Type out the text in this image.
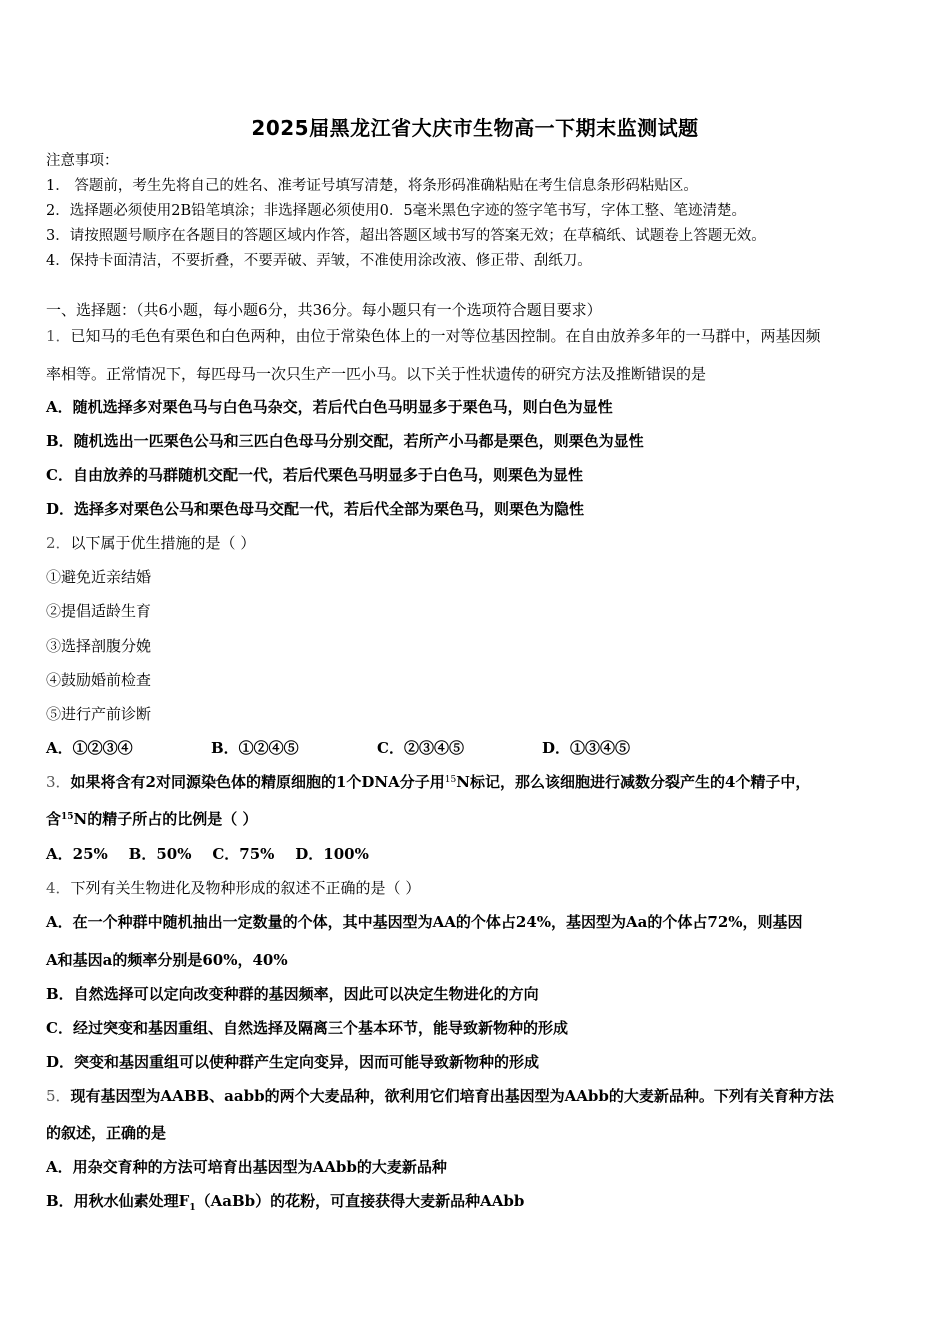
2025届黑龙江省大庆市生物高一下期末监测试题
注意事项：
1． 答题前，考生先将自己的姓名、准考证号填写清楚，将条形码准确粘贴在考生信息条形码粘贴区。
2．选择题必须使用2B铅笔填涂；非选择题必须使用0．5毫米黑色字迹的签字笔书写，字体工整、笔迹清楚。
3．请按照题号顺序在各题目的答题区域内作答，超出答题区域书写的答案无效；在草稿纸、试题卷上答题无效。
4．保持卡面清洁，不要折叠，不要弄破、弄皱，不准使用涂改液、修正带、刮纸刀。
一、选择题：（共6小题，每小题6分，共36分。每小题只有一个选项符合题目要求）
1．已知马的毛色有栗色和白色两种，由位于常染色体上的一对等位基因控制。在自由放养多年的一马群中，两基因频
率相等。正常情况下，每匹母马一次只生产一匹小马。以下关于性状遗传的研究方法及推断错误的是
A．随机选择多对栗色马与白色马杂交，若后代白色马明显多于栗色马，则白色为显性
B．随机选出一匹栗色公马和三匹白色母马分别交配，若所产小马都是栗色，则栗色为显性
C．自由放养的马群随机交配一代，若后代栗色马明显多于白色马，则栗色为显性
D．选择多对栗色公马和栗色母马交配一代，若后代全部为栗色马，则栗色为隐性
2．以下属于优生措施的是（ ）
①避免近亲结婚
②提倡适龄生育
③选择剖腹分娩
④鼓励婚前检查
⑤进行产前诊断
A．①②③④	B．①②④⑤	C．②③④⑤	D．①③④⑤
3．如果将含有2对同源染色体的精原细胞的1个DNA分子用$^{15}$N标记，那么该细胞进行减数分裂产生的4个精子中，
含$^{15}$N的精子所占的比例是（ ）
A．25%    B．50%    C．75%    D．100%
4．下列有关生物进化及物种形成的叙述不正确的是（ ）
A．在一个种群中随机抽出一定数量的个体，其中基因型为AA的个体占24%，基因型为Aa的个体占72%，则基因
A和基因a的频率分别是60%，40%
B．自然选择可以定向改变种群的基因频率，因此可以决定生物进化的方向
C．经过突变和基因重组、自然选择及隔离三个基本环节，能导致新物种的形成
D．突变和基因重组可以使种群产生定向变异，因而可能导致新物种的形成
5．现有基因型为AABB、aabb的两个大麦品种，欲利用它们培育出基因型为AAbb的大麦新品种。下列有关育种方法
的叙述，正确的是
A．用杂交育种的方法可培育出基因型为AAbb的大麦新品种
B．用秋水仙素处理$F_1(AaBb)$的花粉，可直接获得大麦新品种AAbb
